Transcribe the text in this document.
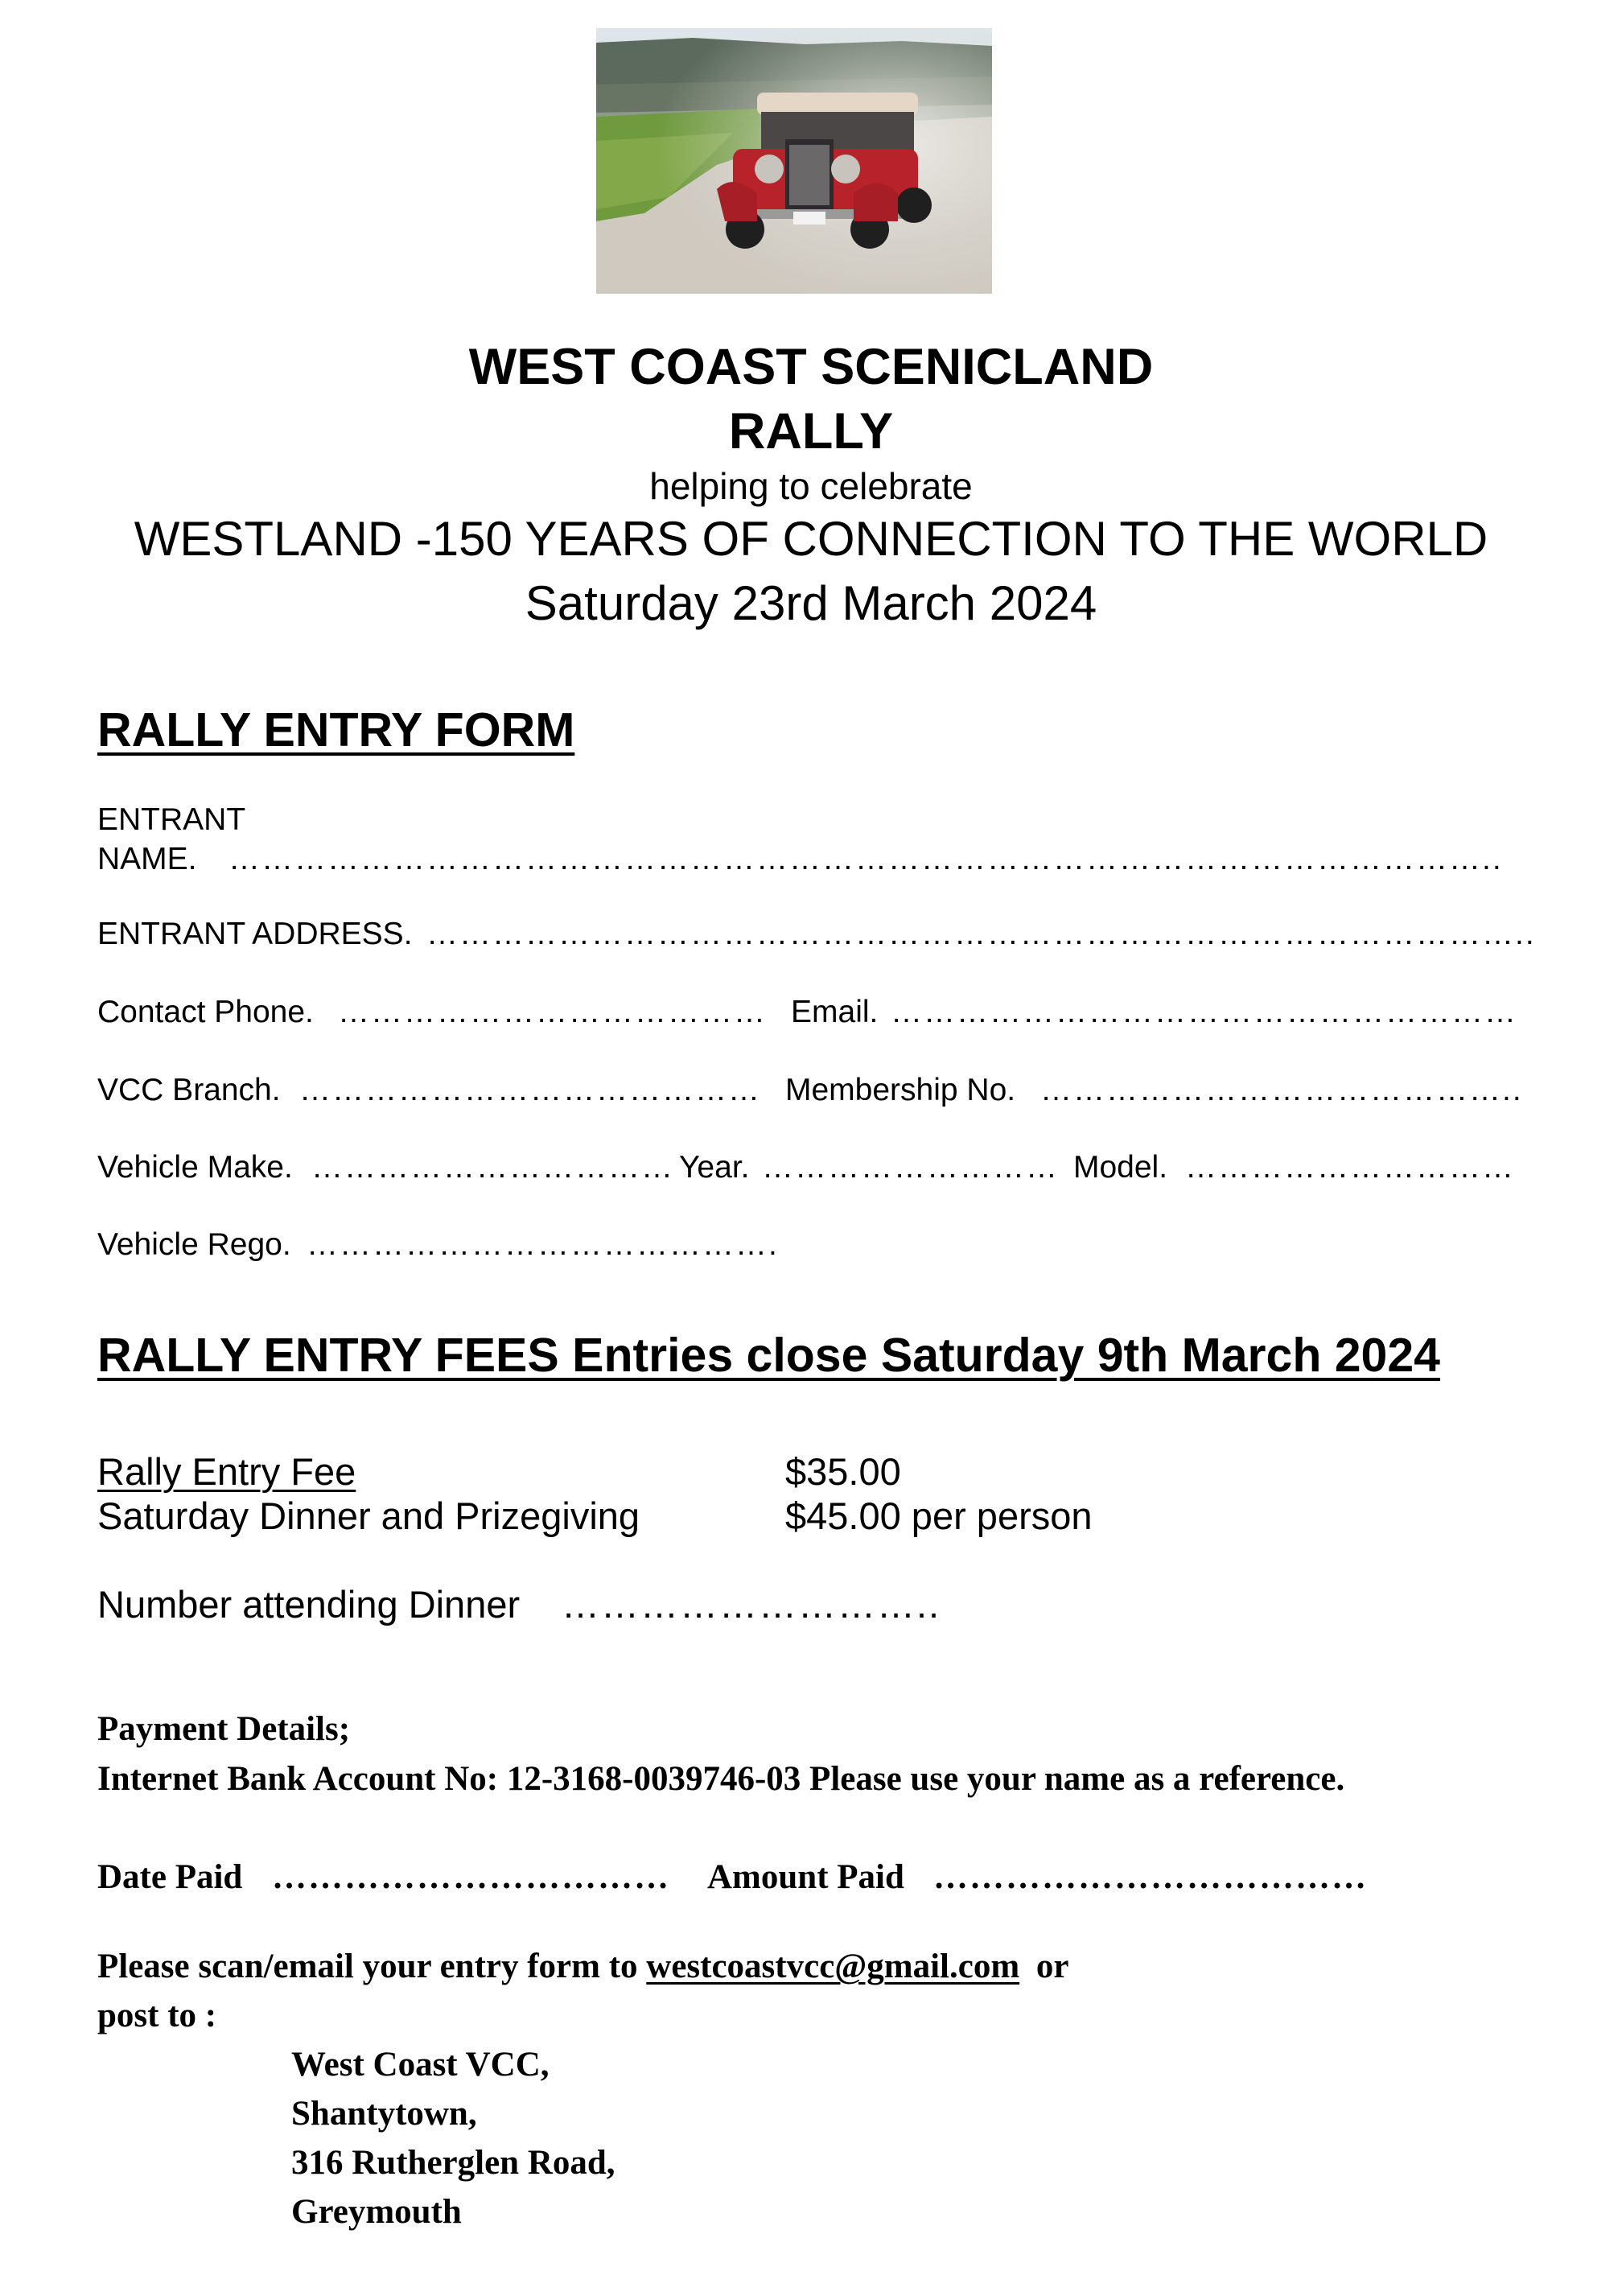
WEST COAST SCENICLAND
RALLY
helping to celebrate
WESTLAND -150 YEARS OF CONNECTION TO THE WORLD
Saturday 23rd March 2024
RALLY ENTRY FORM
ENTRANT
NAME. ……………………………………………………………………………………………………..
ENTRANT ADDRESS. ………………………………………………………………………………………..
Contact Phone. ………………………………… Email. …………………………………………………
VCC Branch. …………………………………… Membership No. ……………………………………..
Vehicle Make. …………………………… Year. ……………………… Model. …………………………
Vehicle Rego. …………………………………….
RALLY ENTRY FEES Entries close Saturday 9th March 2024
Rally Entry Fee	$35.00
Saturday Dinner and Prizegiving	$45.00 per person
Number attending Dinner ………………………..
Payment Details;
Internet Bank Account No: 12-3168-0039746-03 Please use your name as a reference.
Date Paid …………………………… Amount Paid ………………………………
Please scan/email your entry form to westcoastvcc@gmail.com or
post to :
West Coast VCC,
Shantytown,
316 Rutherglen Road,
Greymouth
